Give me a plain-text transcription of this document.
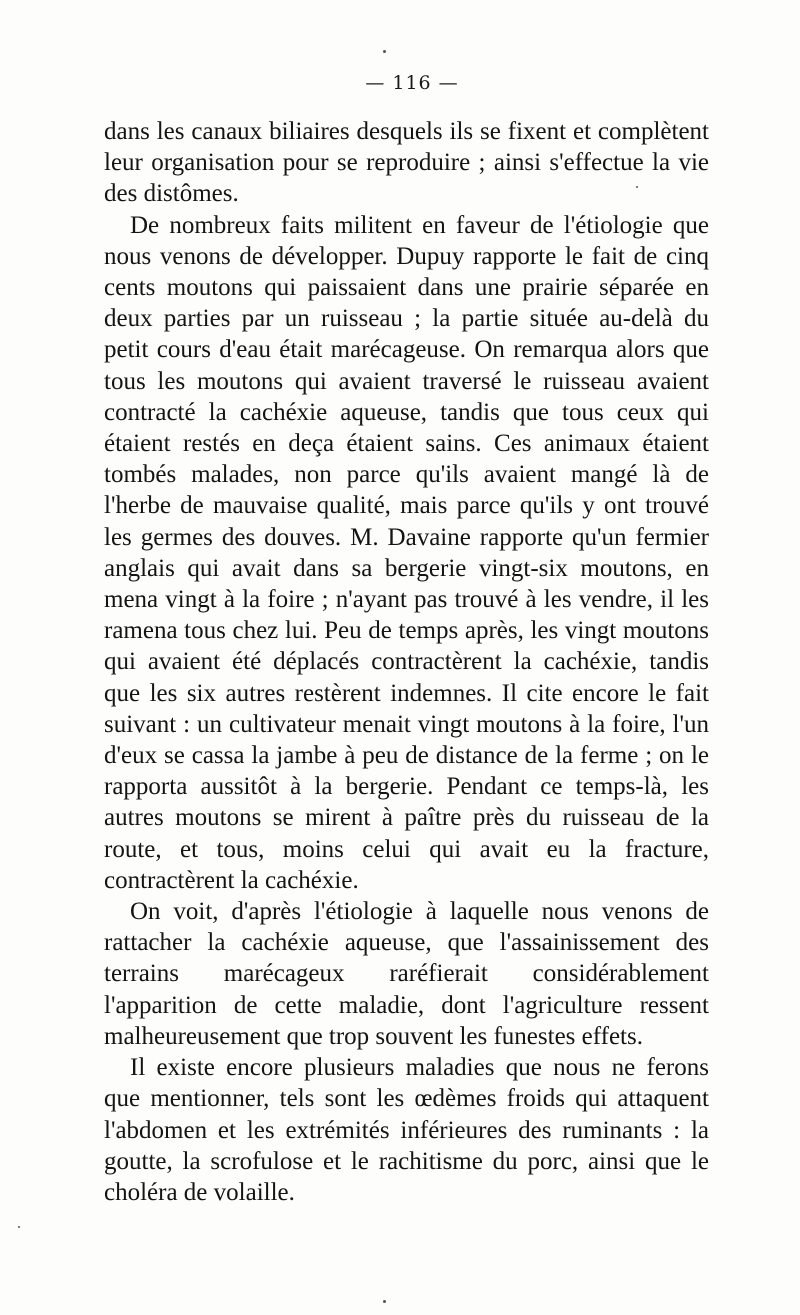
— 116 —

dans les canaux biliaires desquels ils se fixent et complètent leur organisation pour se reproduire ; ainsi s'effectue la vie des distômes.

De nombreux faits militent en faveur de l'étiologie que nous venons de développer. Dupuy rapporte le fait de cinq cents moutons qui paissaient dans une prairie séparée en deux parties par un ruisseau ; la partie située au-delà du petit cours d'eau était marécageuse. On remarqua alors que tous les moutons qui avaient traversé le ruisseau avaient contracté la cachéxie aqueuse, tandis que tous ceux qui étaient restés en deça étaient sains. Ces animaux étaient tombés malades, non parce qu'ils avaient mangé là de l'herbe de mauvaise qualité, mais parce qu'ils y ont trouvé les germes des douves. M. Davaine rapporte qu'un fermier anglais qui avait dans sa bergerie vingt-six moutons, en mena vingt à la foire ; n'ayant pas trouvé à les vendre, il les ramena tous chez lui. Peu de temps après, les vingt moutons qui avaient été déplacés contractèrent la cachéxie, tandis que les six autres restèrent indemnes. Il cite encore le fait suivant : un cultivateur menait vingt moutons à la foire, l'un d'eux se cassa la jambe à peu de distance de la ferme ; on le rapporta aussitôt à la bergerie. Pendant ce temps-là, les autres moutons se mirent à paître près du ruisseau de la route, et tous, moins celui qui avait eu la fracture, contractèrent la cachéxie.

On voit, d'après l'étiologie à laquelle nous venons de rattacher la cachéxie aqueuse, que l'assainissement des terrains marécageux raréfierait considérablement l'apparition de cette maladie, dont l'agriculture ressent malheureusement que trop souvent les funestes effets.

Il existe encore plusieurs maladies que nous ne ferons que mentionner, tels sont les œdèmes froids qui attaquent l'abdomen et les extrémités inférieures des ruminants : la goutte, la scrofulose et le rachitisme du porc, ainsi que le choléra de volaille.
